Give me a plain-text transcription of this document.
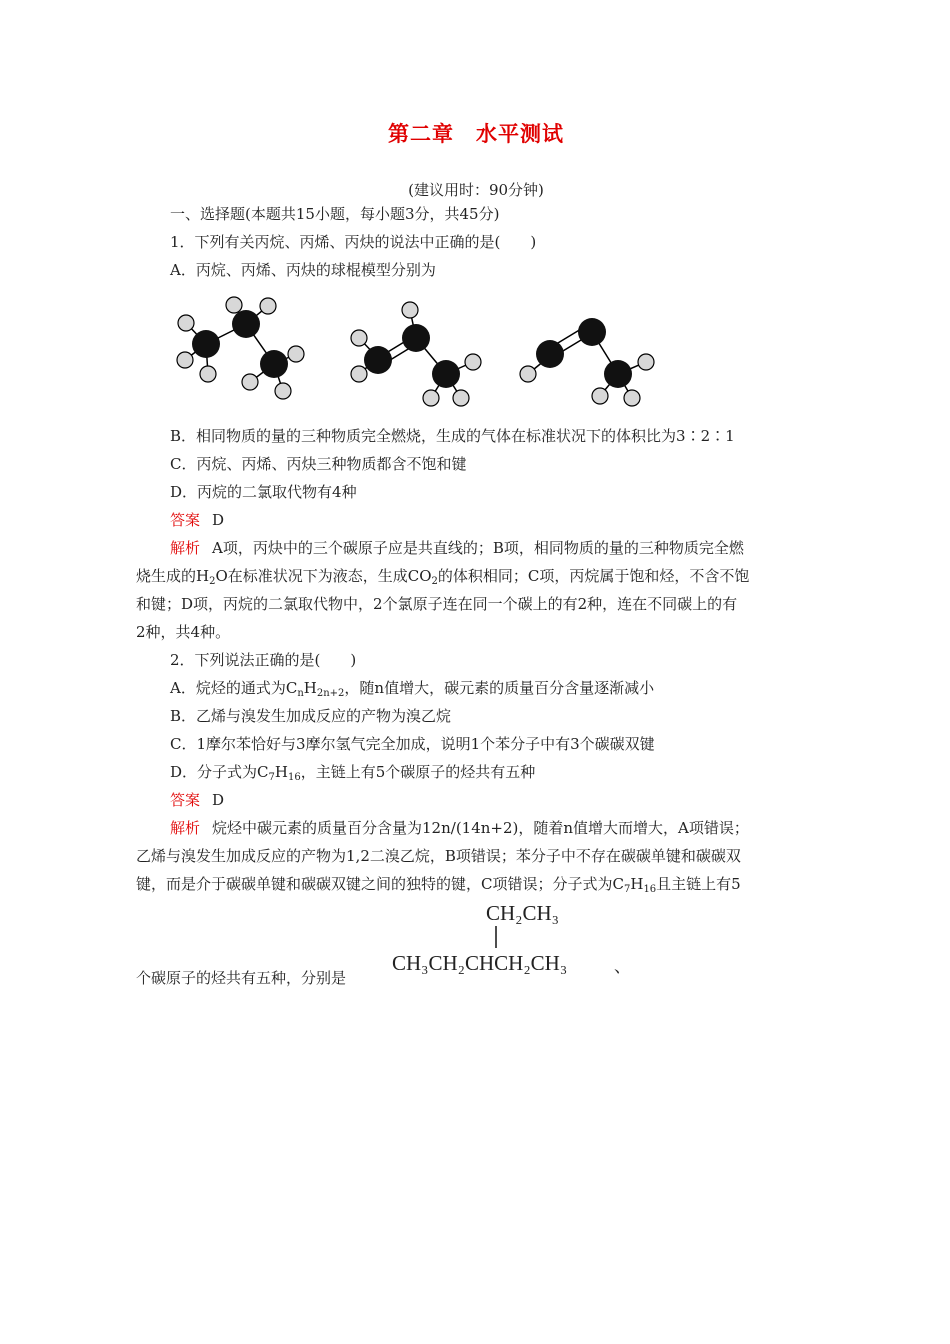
第二章　水平测试
(建议用时：90分钟)
一、选择题(本题共15小题，每小题3分，共45分)
1．下列有关丙烷、丙烯、丙炔的说法中正确的是(　　)
A．丙烷、丙烯、丙炔的球棍模型分别为
B．相同物质的量的三种物质完全燃烧，生成的气体在标准状况下的体积比为3∶2∶1
C．丙烷、丙烯、丙炔三种物质都含不饱和键
D．丙烷的二氯取代物有4种
答案 D
解析 A项，丙炔中的三个碳原子应是共直线的；B项，相同物质的量的三种物质完全燃
烧生成的$H_2O$在标准状况下为液态，生成$CO_2$的体积相同；C项，丙烷属于饱和烃，不含不饱
和键；D项，丙烷的二氯取代物中，2个氯原子连在同一个碳上的有2种，连在不同碳上的有
2种，共4种。
2．下列说法正确的是(　　)
A．烷烃的通式为$C_nH_{2n+2}$，随n值增大，碳元素的质量百分含量逐渐减小
B．乙烯与溴发生加成反应的产物为溴乙烷
C．1摩尔苯恰好与3摩尔氢气完全加成，说明1个苯分子中有3个碳碳双键
D．分子式为$C_7H_{16}$，主链上有5个碳原子的烃共有五种
答案 D
解析 烷烃中碳元素的质量百分含量为12n/(14n+2)，随着n值增大而增大，A项错误；
乙烯与溴发生加成反应的产物为1,2二溴乙烷，B项错误；苯分子中不存在碳碳单键和碳碳双
键，而是介于碳碳单键和碳碳双键之间的独特的键，C项错误；分子式为$C_7H_{16}$且主链上有5
个碳原子的烃共有五种，分别是
CH₂CH₃
CH₃CH₂CHCH₂CH₃	、
